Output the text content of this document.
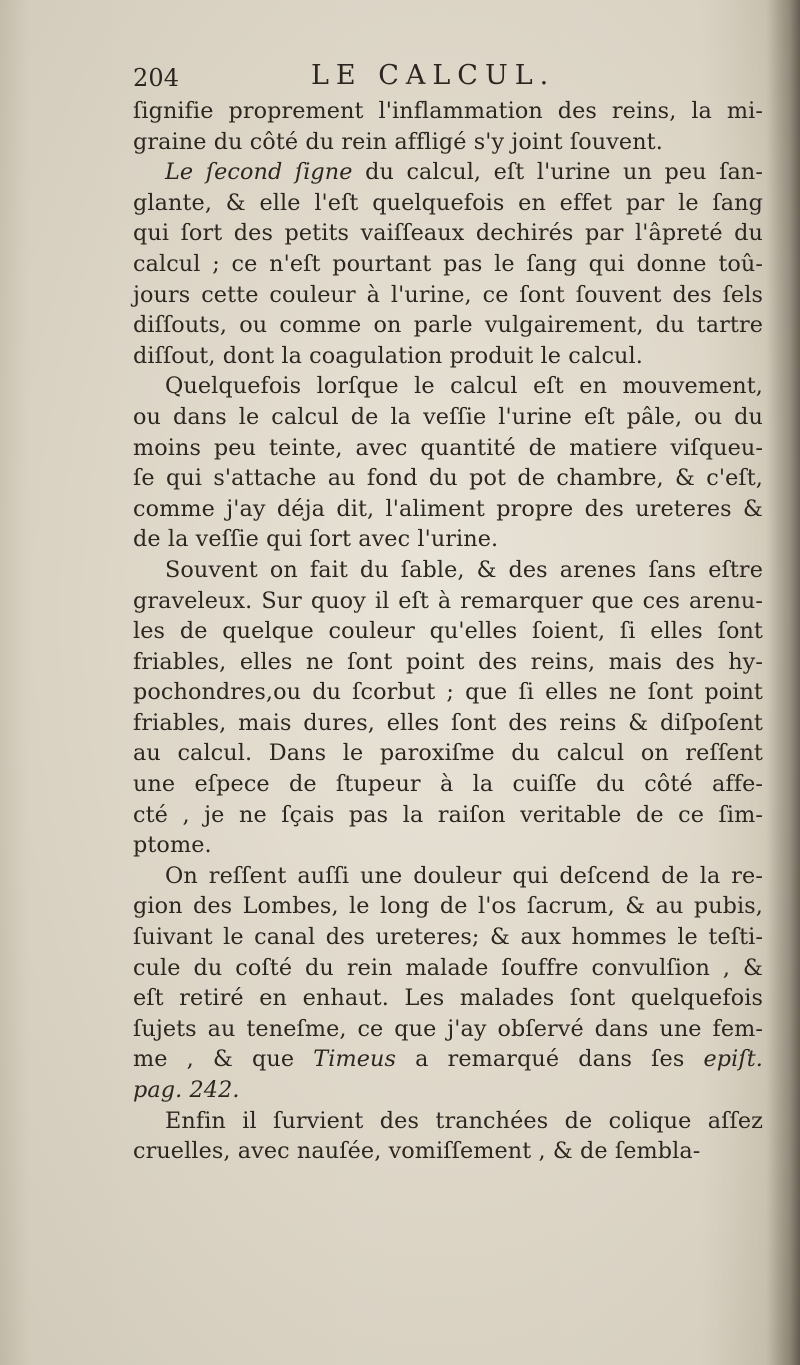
204	LE CALCUL.
ſignifie proprement l'inflammation des reins, la mi-
graine du côté du rein affligé s'y joint ſouvent.
Le ſecond ſigne du calcul, eſt l'urine un peu ſan-
glante, & elle l'eſt quelquefois en effet par le ſang
qui ſort des petits vaiſſeaux dechirés par l'âpreté du
calcul ; ce n'eſt pourtant pas le ſang qui donne toû-
jours cette couleur à l'urine, ce ſont ſouvent des ſels
diſſouts, ou comme on parle vulgairement, du tartre
diſſout, dont la coagulation produit le calcul.
Quelquefois lorſque le calcul eſt en mouvement,
ou dans le calcul de la veſſie l'urine eſt pâle, ou du
moins peu teinte, avec quantité de matiere viſqueu-
ſe qui s'attache au fond du pot de chambre, & c'eſt,
comme j'ay déja dit, l'aliment propre des ureteres &
de la veſſie qui ſort avec l'urine.
Souvent on fait du ſable, & des arenes ſans eſtre
graveleux. Sur quoy il eſt à remarquer que ces arenu-
les de quelque couleur qu'elles ſoient, ſi elles ſont
friables, elles ne ſont point des reins, mais des hy-
pochondres,ou du ſcorbut ; que ſi elles ne ſont point
friables, mais dures, elles ſont des reins & diſpoſent
au calcul. Dans le paroxiſme du calcul on reſſent
une eſpece de ſtupeur à la cuiſſe du côté affe-
cté , je ne ſçais pas la raiſon veritable de ce ſim-
ptome.
On reſſent auſſi une douleur qui deſcend de la re-
gion des Lombes, le long de l'os ſacrum, & au pubis,
ſuivant le canal des ureteres; & aux hommes le teſti-
cule du coſté du rein malade ſouffre convulſion , &
eſt retiré en enhaut. Les malades ſont quelquefois
ſujets au teneſme, ce que j'ay obſervé dans une fem-
me , & que Timeus a remarqué dans ſes epiſt.
pag. 242.
Enfin il ſurvient des tranchées de colique aſſez
cruelles, avec nauſée, vomiſſement , & de ſembla-
